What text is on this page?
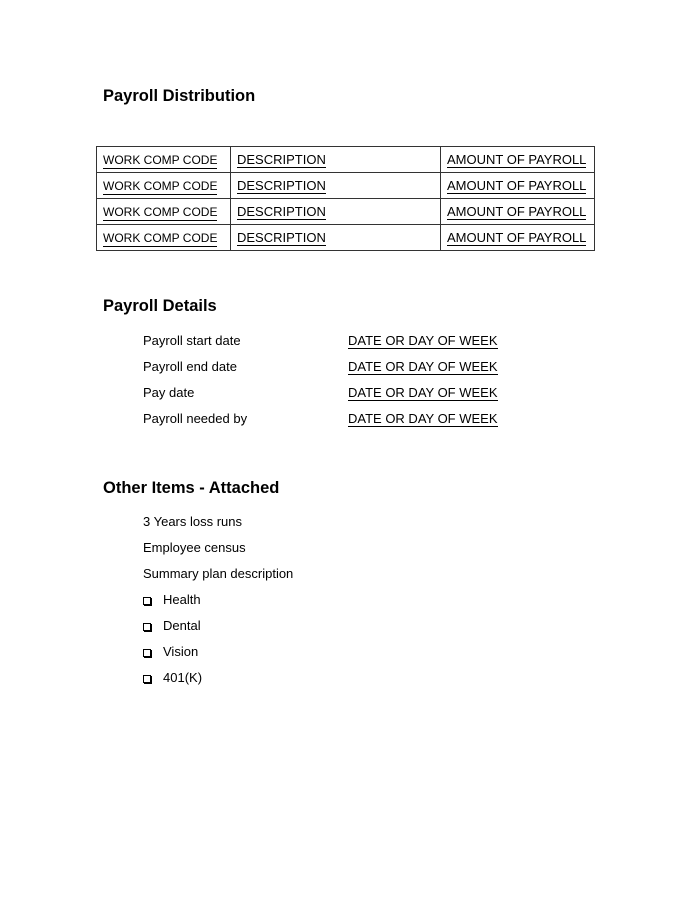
Payroll Distribution
WORK COMP CODE	DESCRIPTION	AMOUNT OF PAYROLL
WORK COMP CODE	DESCRIPTION	AMOUNT OF PAYROLL
WORK COMP CODE	DESCRIPTION	AMOUNT OF PAYROLL
WORK COMP CODE	DESCRIPTION	AMOUNT OF PAYROLL
Payroll Details
Payroll start date	DATE OR DAY OF WEEK
Payroll end date	DATE OR DAY OF WEEK
Pay date	DATE OR DAY OF WEEK
Payroll needed by	DATE OR DAY OF WEEK
Other Items - Attached
3 Years loss runs
Employee census
Summary plan description
Health
Dental
Vision
401(K)
